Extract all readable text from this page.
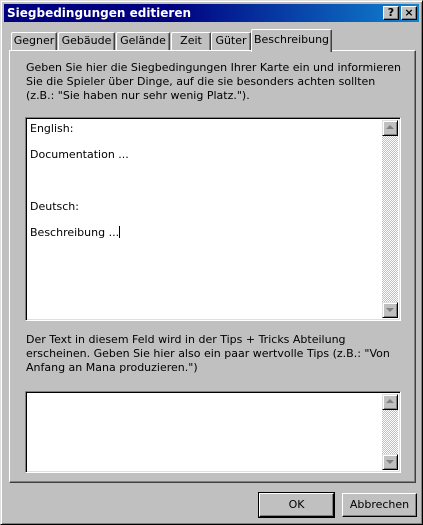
Siegbedingungen editieren	? ×
Gegner Gebäude Gelände	Zeit	Güter Beschreibung
Geben Sie hier die Siegbedingungen Ihrer Karte ein und informieren Sie die Spieler über Dinge, auf die sie besonders achten sollten (z.B.: "Sie haben nur sehr wenig Platz.").
English:
Documentation ...
Deutsch:
Beschreibung ...
Der Text in diesem Feld wird in der Tips + Tricks Abteilung erscheinen. Geben Sie hier also ein paar wertvolle Tips (z.B.: "Von Anfang an Mana produzieren.")
OK	Abbrechen
